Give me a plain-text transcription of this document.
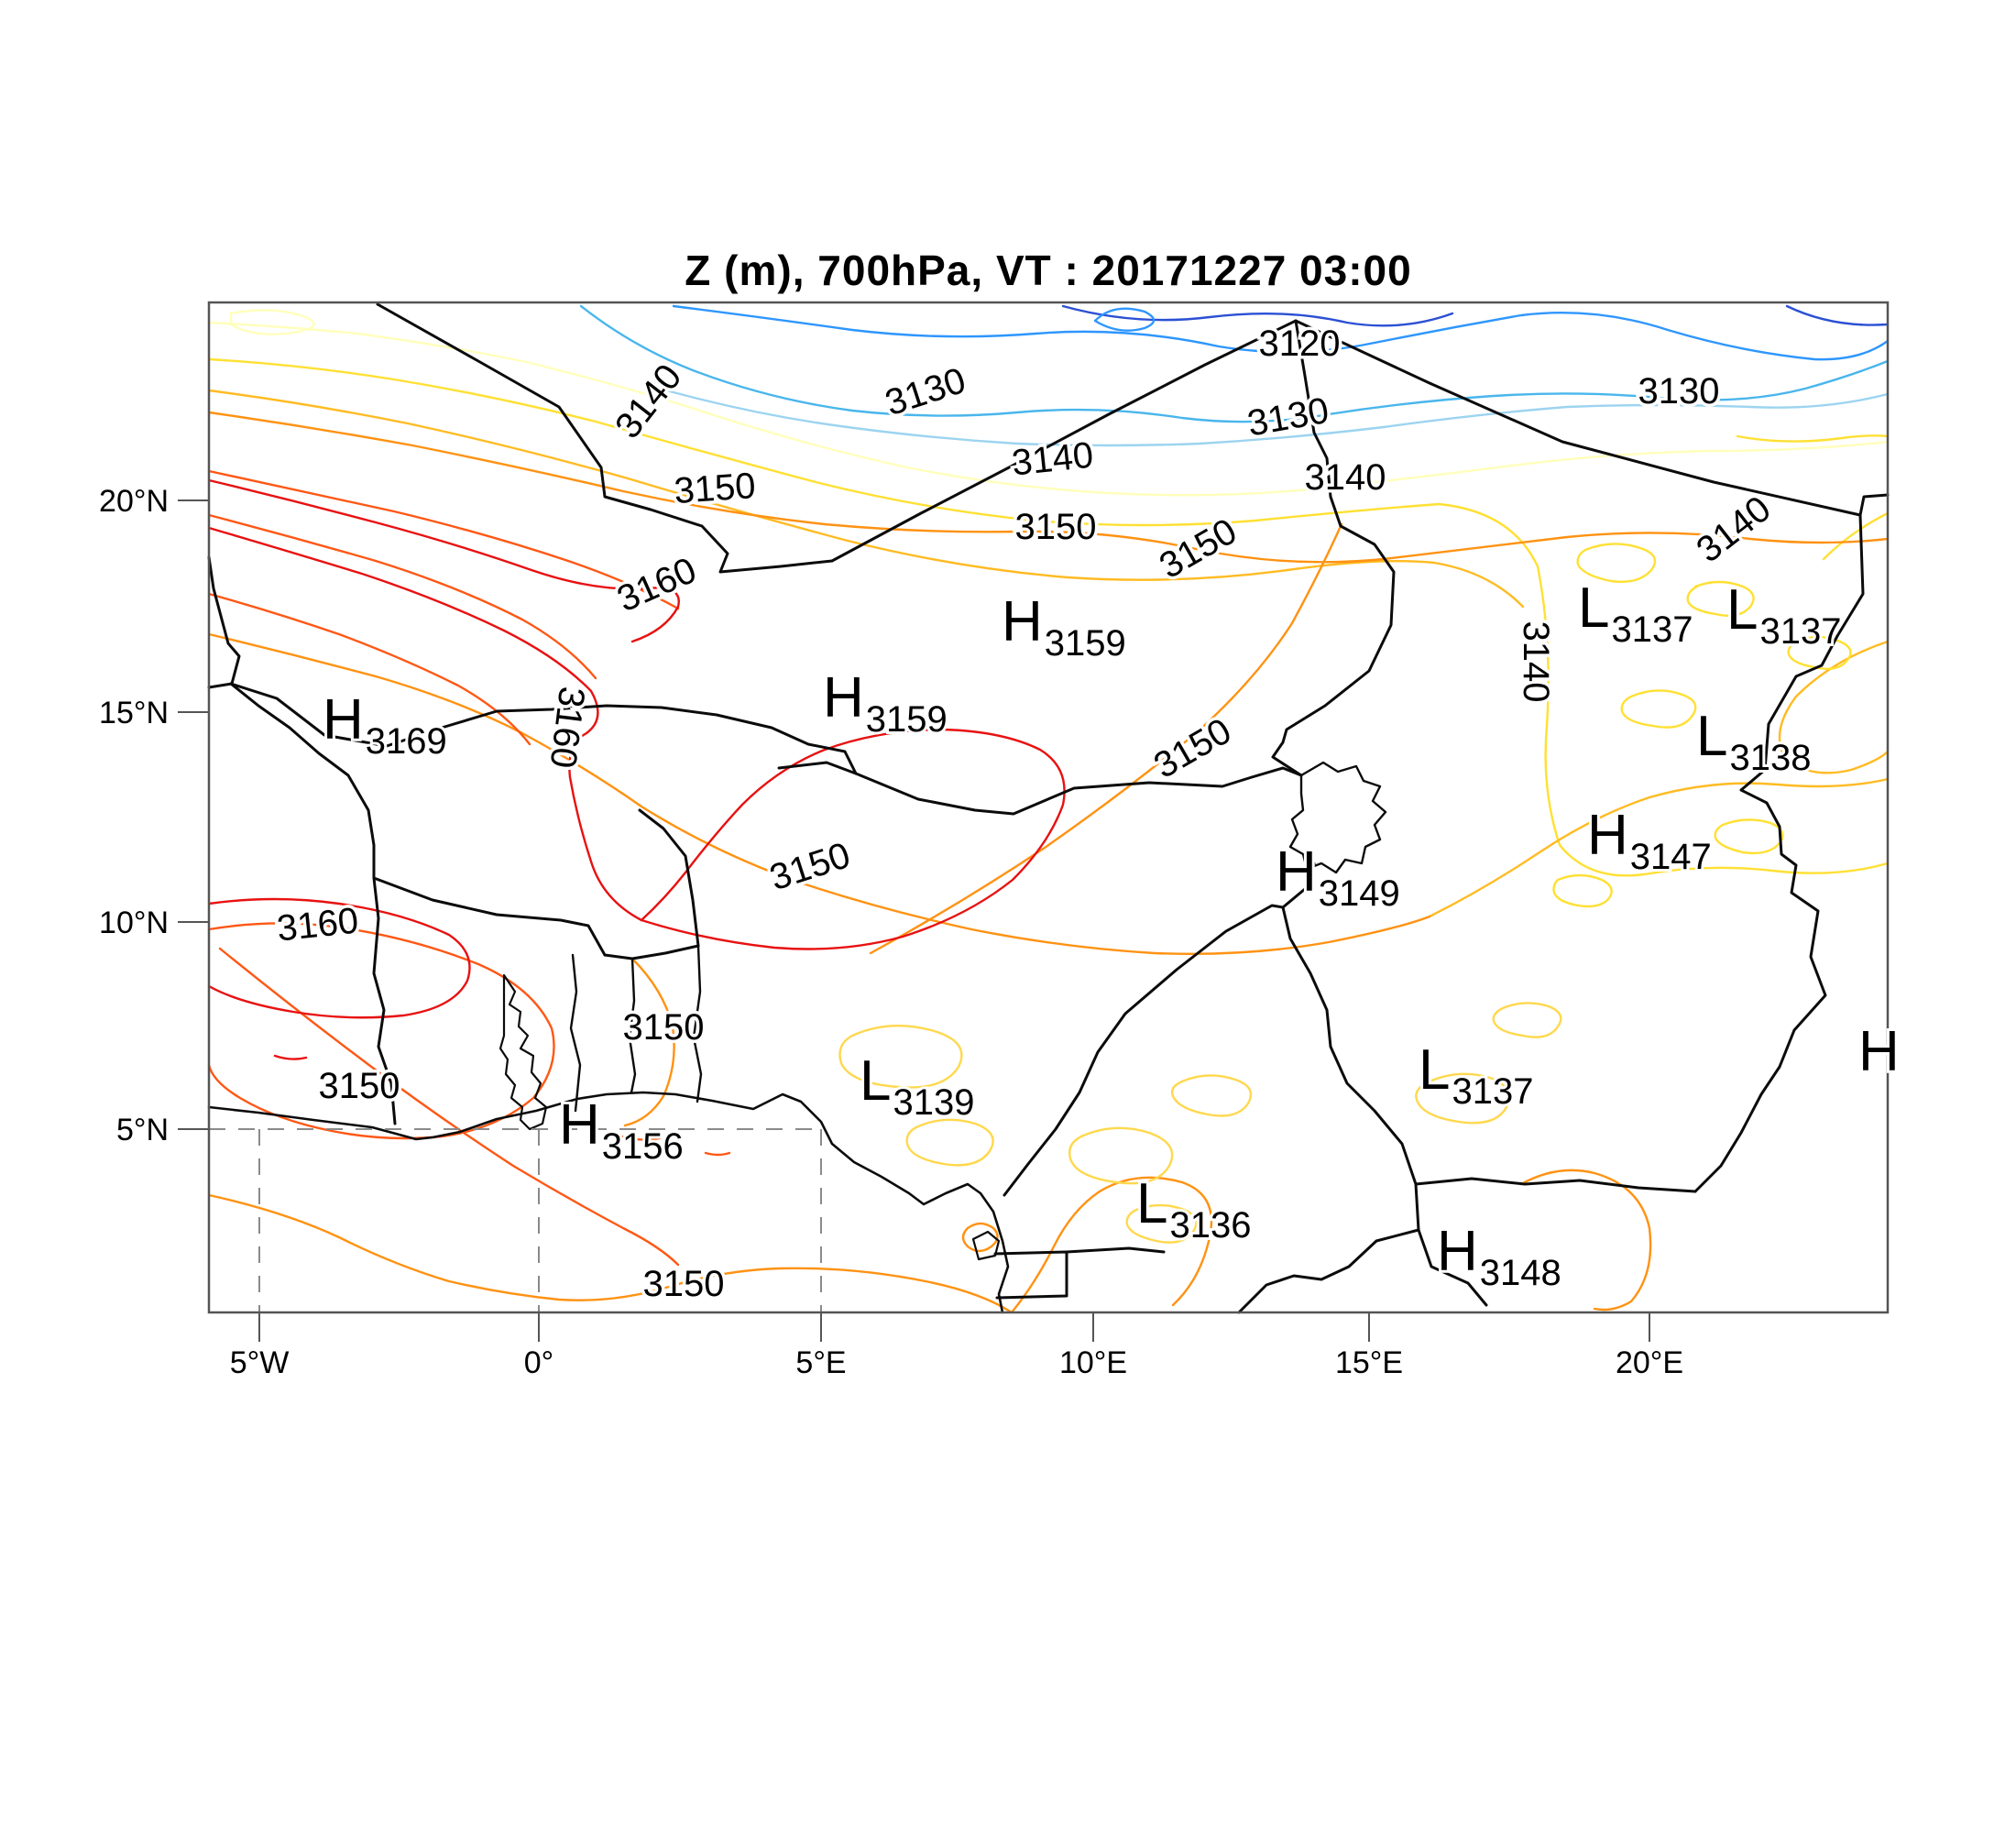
Z (m), 700hPa, VT : 20171227 03:00
20°N
15°N
10°N
5°N
5°W	0°	5°E	10°E	15°E	20°E
3140
3150
3130
3120
3130
3140	3140
3130
3150 3150
3160
3140
3140
3160	3150
3160
3150
3150
3150
3150
$H_{3159}$
$H_{3169}$
$H_{3159}$
$L_{3137}$ $L_{3137}$
$L_{3138}$
$H_{3147}$
$H_{3149}$
$L_{3139}$
$L_{3137}$
$H_{3156}$
$L_{3136}$	$H_{3148}$
H
